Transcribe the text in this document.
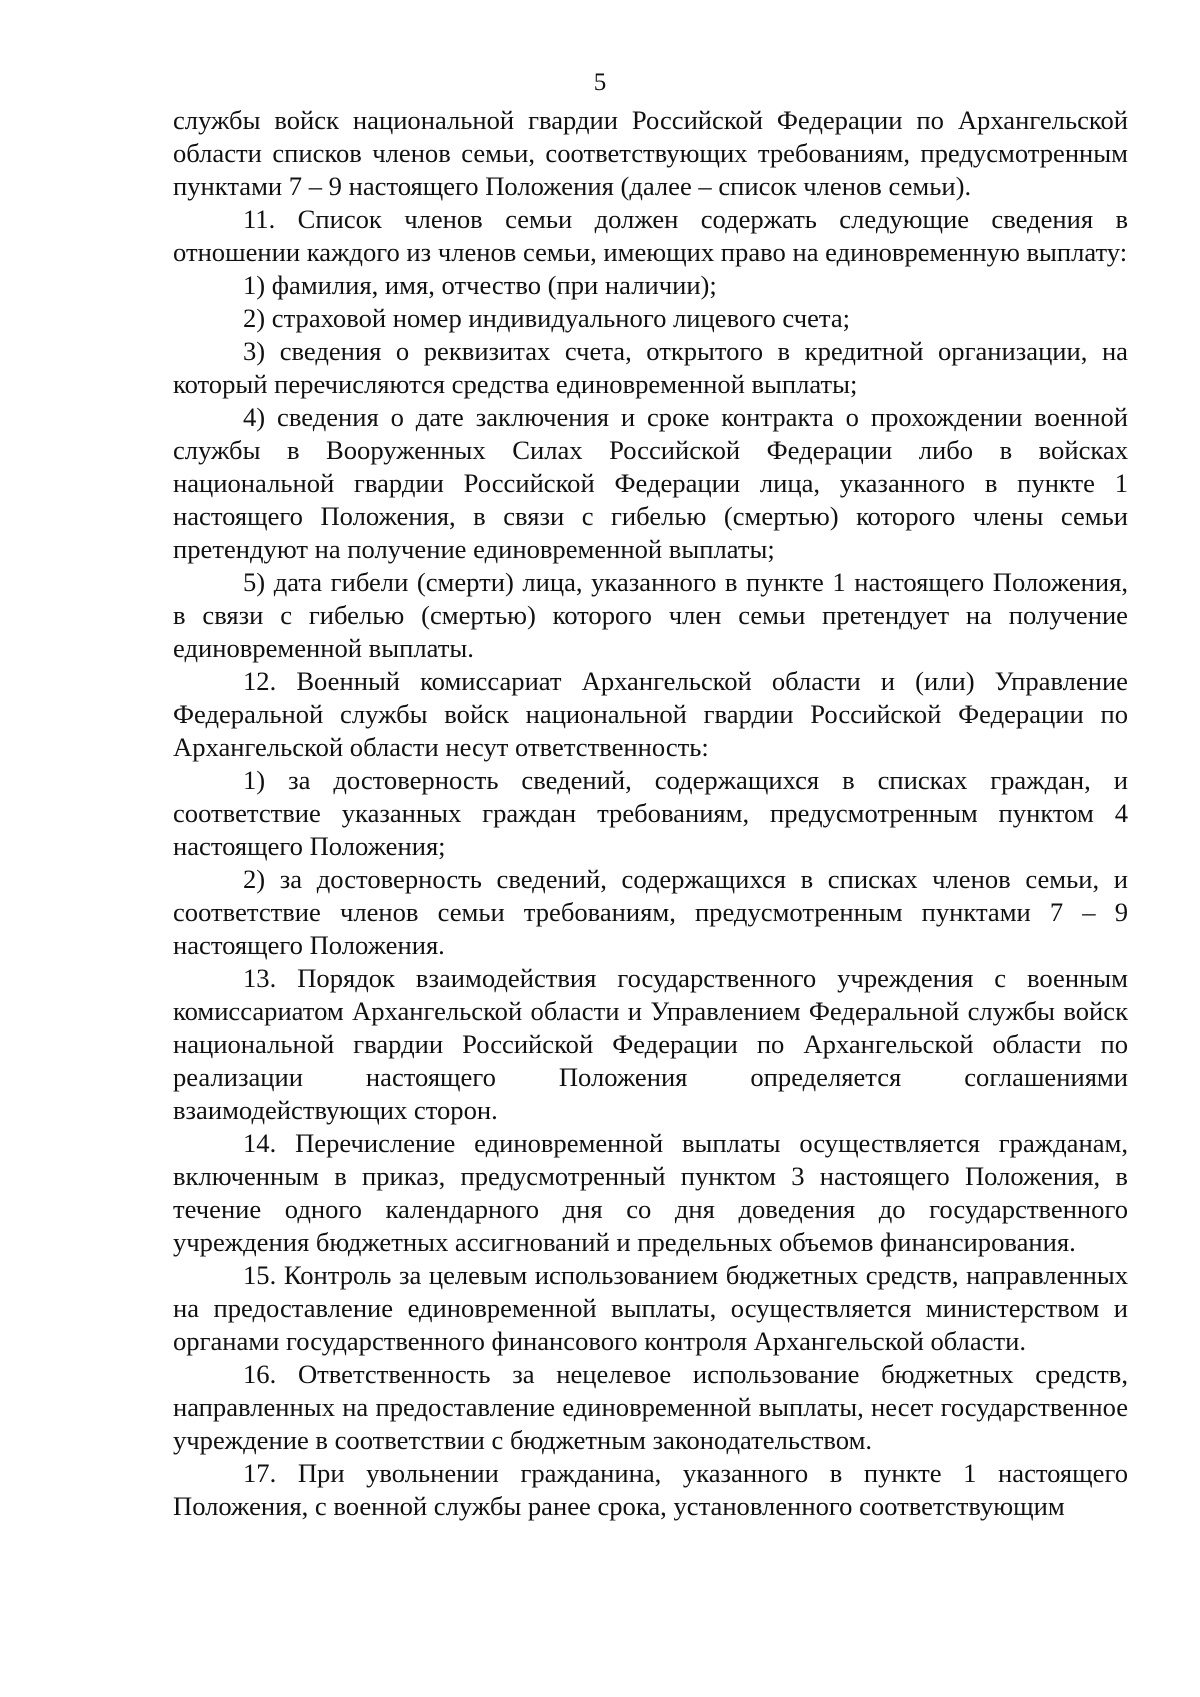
5

службы войск национальной гвардии Российской Федерации по Архангельской области списков членов семьи, соответствующих требованиям, предусмотренным пунктами 7 – 9 настоящего Положения (далее – список членов семьи).

11. Список членов семьи должен содержать следующие сведения в отношении каждого из членов семьи, имеющих право на единовременную выплату:

1) фамилия, имя, отчество (при наличии);

2) страховой номер индивидуального лицевого счета;

3) сведения о реквизитах счета, открытого в кредитной организации, на который перечисляются средства единовременной выплаты;

4) сведения о дате заключения и сроке контракта о прохождении военной службы в Вооруженных Силах Российской Федерации либо в войсках национальной гвардии Российской Федерации лица, указанного в пункте 1 настоящего Положения, в связи с гибелью (смертью) которого члены семьи претендуют на получение единовременной выплаты;

5) дата гибели (смерти) лица, указанного в пункте 1 настоящего Положения, в связи с гибелью (смертью) которого член семьи претендует на получение единовременной выплаты.

12. Военный комиссариат Архангельской области и (или) Управление Федеральной службы войск национальной гвардии Российской Федерации по Архангельской области несут ответственность:

1) за достоверность сведений, содержащихся в списках граждан, и соответствие указанных граждан требованиям, предусмотренным пунктом 4 настоящего Положения;

2) за достоверность сведений, содержащихся в списках членов семьи, и соответствие членов семьи требованиям, предусмотренным пунктами 7 – 9 настоящего Положения.

13. Порядок взаимодействия государственного учреждения с военным комиссариатом Архангельской области и Управлением Федеральной службы войск национальной гвардии Российской Федерации по Архангельской области по реализации настоящего Положения определяется соглашениями взаимодействующих сторон.

14. Перечисление единовременной выплаты осуществляется гражданам, включенным в приказ, предусмотренный пунктом 3 настоящего Положения, в течение одного календарного дня со дня доведения до государственного учреждения бюджетных ассигнований и предельных объемов финансирования.

15. Контроль за целевым использованием бюджетных средств, направленных на предоставление единовременной выплаты, осуществляется министерством и органами государственного финансового контроля Архангельской области.

16. Ответственность за нецелевое использование бюджетных средств, направленных на предоставление единовременной выплаты, несет государственное учреждение в соответствии с бюджетным законодательством.

17. При увольнении гражданина, указанного в пункте 1 настоящего Положения, с военной службы ранее срока, установленного соответствующим
